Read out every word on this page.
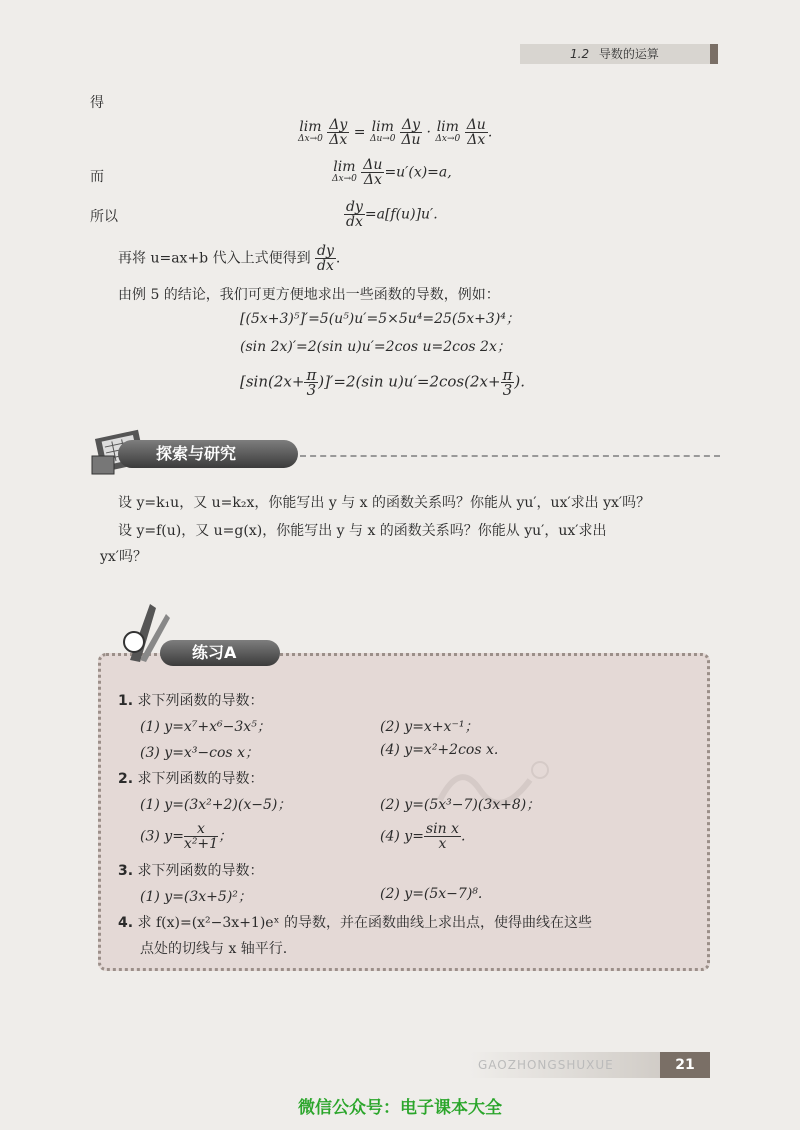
1.2 导数的运算
得
lim
Δx→0
$\frac{\Delta y}{\Delta x} = \lim$
Δu→0
$\frac{\Delta y}{\Delta u} \cdot \lim$
Δx→0
$\frac{\Delta u}{\Delta x}$ .
而
lim
Δx→0
$\frac{\Delta u}{\Delta x} =u'(x)=a$,
所以	$\frac{dy}{dx} =a[f(u)]u'$.
再将 u=ax+b 代入上式便得到 $\frac{dy}{dx}$ .
由例 5 的结论，我们可更方便地求出一些函数的导数，例如：
[(5x+3)⁵]′=5(u⁵)u′=5×5u⁴=25(5x+3)⁴；
(sin 2x)′=2(sin u)u′=2cos u=2cos 2x；
$[\sin(2x+ \frac{\pi}{3} )]'=2(\sin$ $u)u'=2\cos(2x+ \frac{\pi}{3}$ ).
探索与研究
设 y=k₁u，又 u=k₂x，你能写出 y 与 x 的函数关系吗？你能从 yu′，ux′求出 yx′吗？
设 y=f(u)，又 u=g(x)，你能写出 y 与 x 的函数关系吗？你能从 yu′，ux′求出
yx′吗？
练习A
1. 求下列函数的导数：
(1) y=x⁷+x⁶−3x⁵；	(2) y=x+x⁻¹；
(3) y=x³−cos x；	(4) y=x²+2cos x.
2. 求下列函数的导数：
(1) y=(3x²+2)(x−5)；	(2) y=(5x³−7)(3x+8)；
(3) $y= \frac{x}{\text{x²+1}}$ ；	(4) $y= \frac{\text{sin x}}{x}$ .
3. 求下列函数的导数：
(1) y=(3x+5)²；	(2) y=(5x−7)⁸.
4. 求 f(x)=(x²−3x+1)eˣ 的导数，并在函数曲线上求出点，使得曲线在这些
点处的切线与 x 轴平行.
GAOZHONGSHUXUE	21
微信公众号：电子课本大全
